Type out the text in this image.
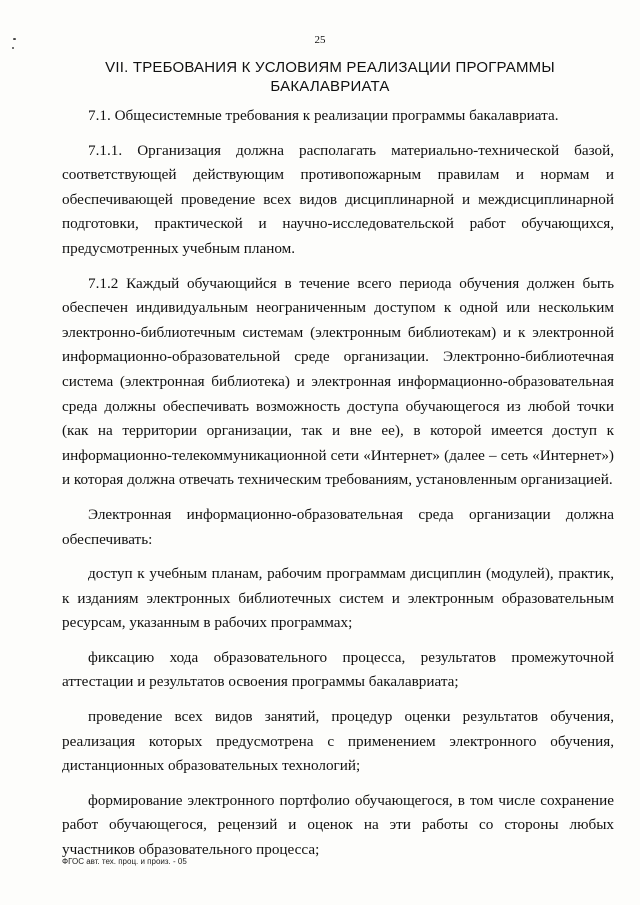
25
VII. ТРЕБОВАНИЯ К УСЛОВИЯМ РЕАЛИЗАЦИИ ПРОГРАММЫ БАКАЛАВРИАТА

7.1. Общесистемные требования к реализации программы бакалавриата.

7.1.1. Организация должна располагать материально-технической базой, соответствующей действующим противопожарным правилам и нормам и обеспечивающей проведение всех видов дисциплинарной и междисциплинарной подготовки, практической и научно-исследовательской работ обучающихся, предусмотренных учебным планом.

7.1.2 Каждый обучающийся в течение всего периода обучения должен быть обеспечен индивидуальным неограниченным доступом к одной или нескольким электронно-библиотечным системам (электронным библиотекам) и к электронной информационно-образовательной среде организации. Электронно-библиотечная система (электронная библиотека) и электронная информационно-образовательная среда должны обеспечивать возможность доступа обучающегося из любой точки (как на территории организации, так и вне ее), в которой имеется доступ к информационно-телекоммуникационной сети «Интернет» (далее – сеть «Интернет») и которая должна отвечать техническим требованиям, установленным организацией.

Электронная информационно-образовательная среда организации должна обеспечивать:

доступ к учебным планам, рабочим программам дисциплин (модулей), практик, к изданиям электронных библиотечных систем и электронным образовательным ресурсам, указанным в рабочих программах;

фиксацию хода образовательного процесса, результатов промежуточной аттестации и результатов освоения программы бакалавриата;

проведение всех видов занятий, процедур оценки результатов обучения, реализация которых предусмотрена с применением электронного обучения, дистанционных образовательных технологий;

формирование электронного портфолио обучающегося, в том числе сохранение работ обучающегося, рецензий и оценок на эти работы со стороны любых участников образовательного процесса;

ФГОС авт. тех. проц. и произ. - 05
